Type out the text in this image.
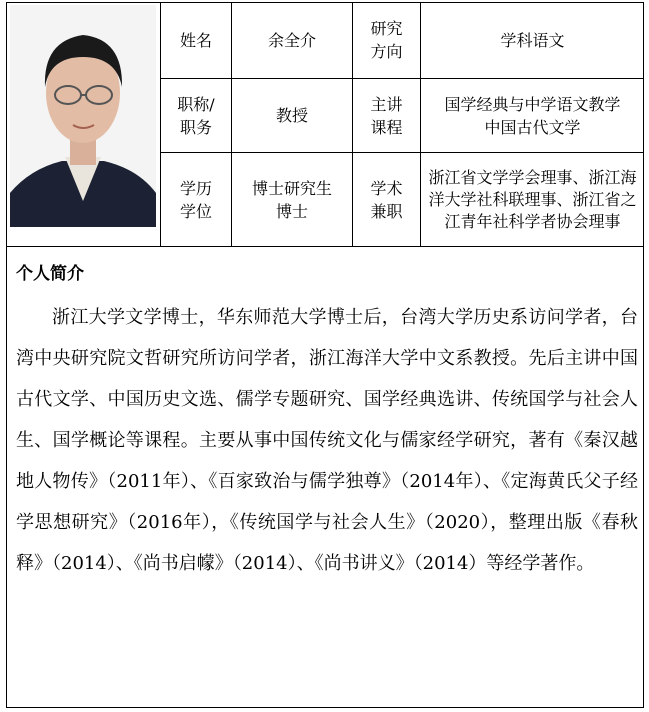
姓名	余全介
研究
方向
学科语文
职称/
职务
教授
主讲
课程
国学经典与中学语文教学
中国古代文学
学历
学位
博士研究生
博士
学术
兼职
浙江省文学学会理事、浙江海洋大学社科联理事、浙江省之江青年社科学者协会理事
个人简介

浙江大学文学博士，华东师范大学博士后，台湾大学历史系访问学者，台湾中央研究院文哲研究所访问学者，浙江海洋大学中文系教授。先后主讲中国古代文学、中国历史文选、儒学专题研究、国学经典选讲、传统国学与社会人生、国学概论等课程。主要从事中国传统文化与儒家经学研究，著有《秦汉越地人物传》（2011年）、《百家致治与儒学独尊》（2014年）、《定海黄氏父子经学思想研究》（2016年），《传统国学与社会人生》（2020），整理出版《春秋释》（2014）、《尚书启幪》（2014）、《尚书讲义》（2014）等经学著作。
